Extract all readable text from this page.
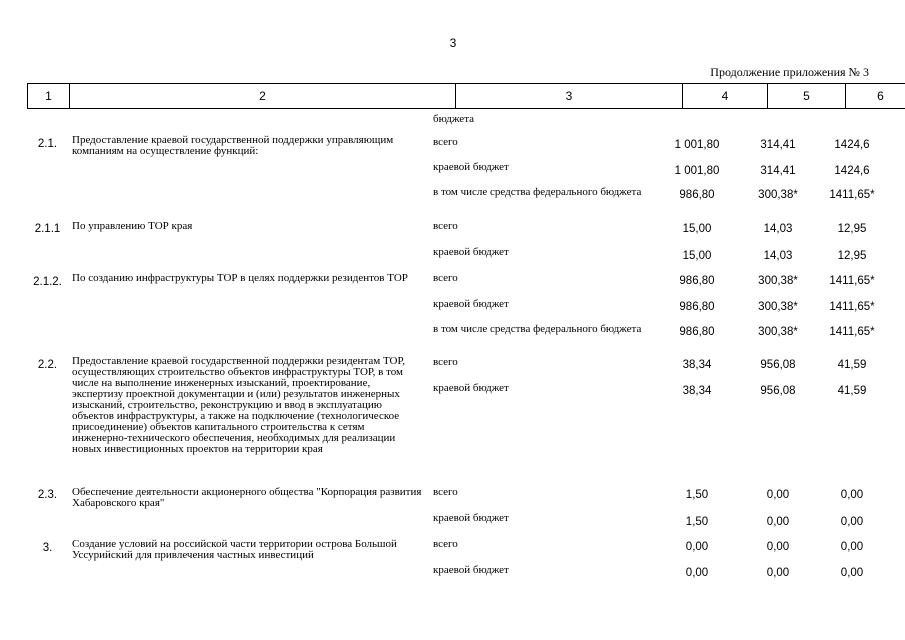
3
Продолжение приложения № 3
1	2	3	4	5	6
бюджета
2.1.	Предоставление краевой государственной поддержки управляющим компаниям на осуществление функций:
всего	1 001,80	314,41	1424,6
краевой бюджет	1 001,80	314,41	1424,6
в том числе средства федерального бюджета	986,80	300,38*	1411,65*
2.1.1	По управлению ТОР края	всего	15,00	14,03	12,95
краевой бюджет	15,00	14,03	12,95
2.1.2. По созданию инфраструктуры ТОР в целях поддержки резидентов ТОР	всего	986,80	300,38*	1411,65*
краевой бюджет	986,80	300,38*	1411,65*
в том числе средства федерального бюджета	986,80	300,38*	1411,65*
2.2.	Предоставление краевой государственной поддержки резидентам ТОР, осуществляющих строительство объектов инфраструктуры ТОР, в том числе на выполнение инженерных изысканий, проектирование, экспертизу проектной документации и (или) результатов инженерных изысканий, строительство, реконструкцию и ввод в эксплуатацию объектов инфраструктуры, а также на подключение (технологическое присоединение) объектов капитального строительства к сетям инженерно-технического обеспечения, необходимых для реализации новых инвестиционных проектов на территории края
всего	38,34	956,08	41,59
краевой бюджет	38,34	956,08	41,59
2.3.	Обеспечение деятельности акционерного общества "Корпорация развития Хабаровского края"
всего	1,50	0,00	0,00
краевой бюджет	1,50	0,00	0,00
3.	Создание условий на российской части территории острова Большой Уссурийский для привлечения частных инвестиций
всего	0,00	0,00	0,00
краевой бюджет	0,00	0,00	0,00
